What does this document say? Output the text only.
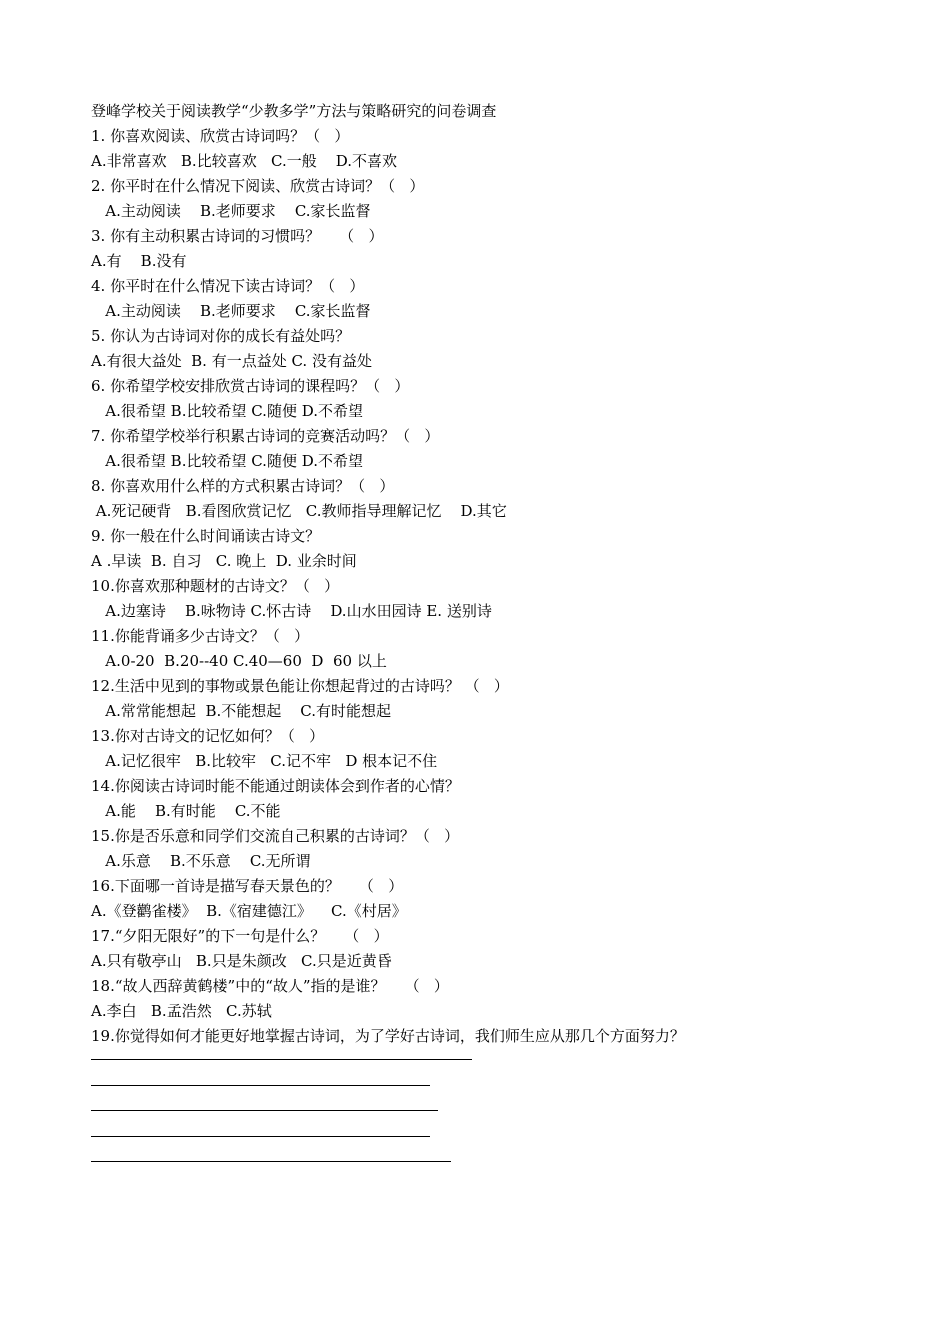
登峰学校关于阅读教学“少教多学”方法与策略研究的问卷调查
1. 你喜欢阅读、欣赏古诗词吗？（   ）
A.非常喜欢   B.比较喜欢   C.一般    D.不喜欢
2. 你平时在什么情况下阅读、欣赏古诗词？（   ）
A.主动阅读    B.老师要求    C.家长监督
3. 你有主动积累古诗词的习惯吗？    （   ）
A.有    B.没有
4. 你平时在什么情况下读古诗词？（   ）
A.主动阅读    B.老师要求    C.家长监督
5. 你认为古诗词对你的成长有益处吗？
A.有很大益处  B. 有一点益处 C. 没有益处
6. 你希望学校安排欣赏古诗词的课程吗？（   ）
A.很希望 B.比较希望 C.随便 D.不希望
7. 你希望学校举行积累古诗词的竞赛活动吗？（   ）
A.很希望 B.比较希望 C.随便 D.不希望
8. 你喜欢用什么样的方式积累古诗词？（   ）
A.死记硬背   B.看图欣赏记忆   C.教师指导理解记忆    D.其它
9. 你一般在什么时间诵读古诗文？
A .早读  B. 自习   C. 晚上  D. 业余时间
10.你喜欢那种题材的古诗文？（   ）
A.边塞诗    B.咏物诗 C.怀古诗    D.山水田园诗 E. 送别诗
11.你能背诵多少古诗文？（   ）
A.0-20  B.20--40 C.40—60  D  60 以上
12.生活中见到的事物或景色能让你想起背过的古诗吗？ （   ）
A.常常能想起  B.不能想起    C.有时能想起
13.你对古诗文的记忆如何？（   ）
A.记忆很牢   B.比较牢   C.记不牢   D 根本记不住
14.你阅读古诗词时能不能通过朗读体会到作者的心情？
A.能    B.有时能    C.不能
15.你是否乐意和同学们交流自己积累的古诗词？（   ）
A.乐意    B.不乐意    C.无所谓
16.下面哪一首诗是描写春天景色的？    （   ）
A.《登鹳雀楼》  B.《宿建德江》    C.《村居》
17.“夕阳无限好”的下一句是什么？    （   ）
A.只有敬亭山   B.只是朱颜改   C.只是近黄昏
18.“故人西辞黄鹤楼”中的“故人”指的是谁？    （   ）
A.李白   B.孟浩然   C.苏轼
19.你觉得如何才能更好地掌握古诗词，为了学好古诗词，我们师生应从那几个方面努力？
